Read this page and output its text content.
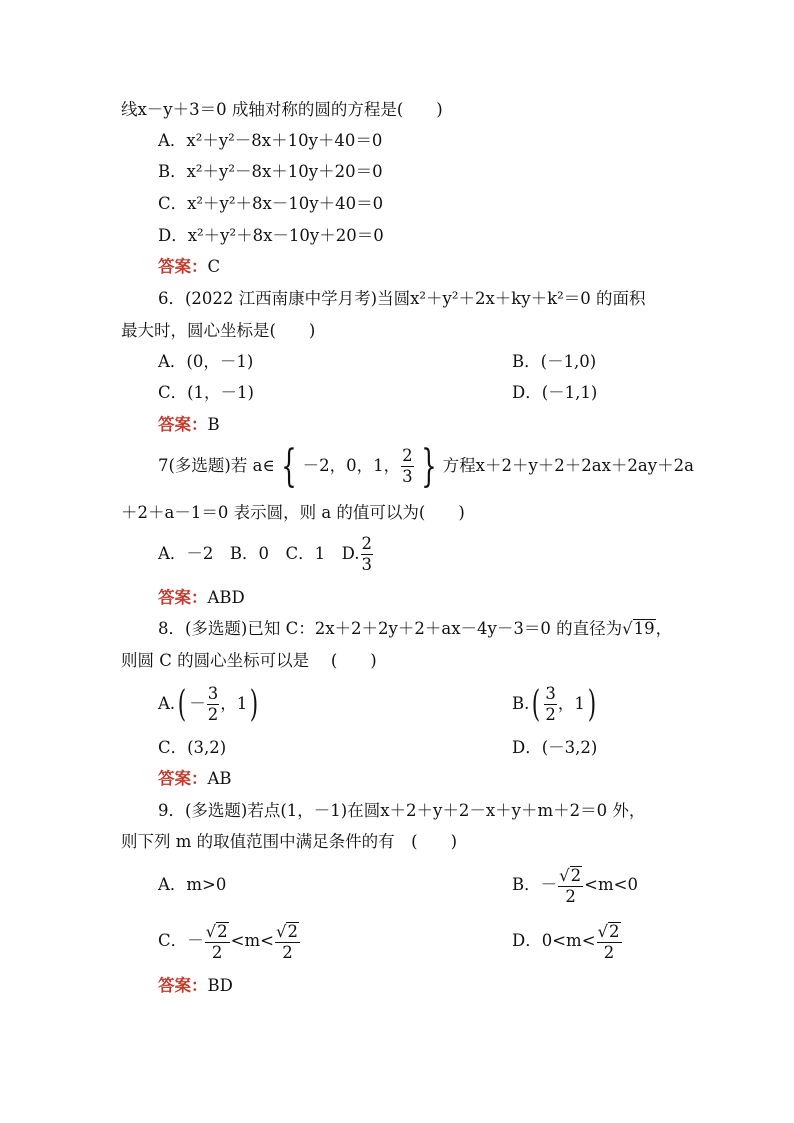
线x－y＋3＝0 成轴对称的圆的方程是(　　)
A．x²＋y²－8x＋10y＋40＝0
B．x²＋y²－8x＋10y＋20＝0
C．x²＋y²＋8x－10y＋40＝0
D．x²＋y²＋8x－10y＋20＝0
答案：C
6．(2022 江西南康中学月考)当圆x²＋y²＋2x＋ky＋k²＝0 的面积
最大时，圆心坐标是(　　)
A．(0，－1)	B．(－1,0)
C．(1，－1)	D．(－1,1)
答案：B
7(多选题)若 a∈ { －2，0，1， $\frac{2}{3}$ } 方程x＋2＋y＋2＋2ax＋2ay＋2a
＋2＋a－1＝0 表示圆，则 a 的值可以为(　　)
A．－2　B．0　C．1　D. $\frac{2}{3}$
答案：ABD
8．(多选题)已知 C：2x＋2＋2y＋2＋ax－4y－3＝0 的直径为√19，
则圆 C 的圆心坐标可以是　 (　　)
$A.( - \frac{3}{2}$ ，1)	$B.( \frac{3}{2}$ ，1)
C．(3,2)	D．(－3,2)
答案：AB
9．(多选题)若点(1，－1)在圆x＋2＋y＋2－x＋y＋m＋2＝0 外，
则下列 m 的取值范围中满足条件的有　(　　)
A．m>0	B．－ $\frac{√2}{2} <m<0$
C．－ $\frac{√2}{2} <m< \frac{√2}{2}$	D．$0<m< \frac{√2}{2}$
答案：BD
